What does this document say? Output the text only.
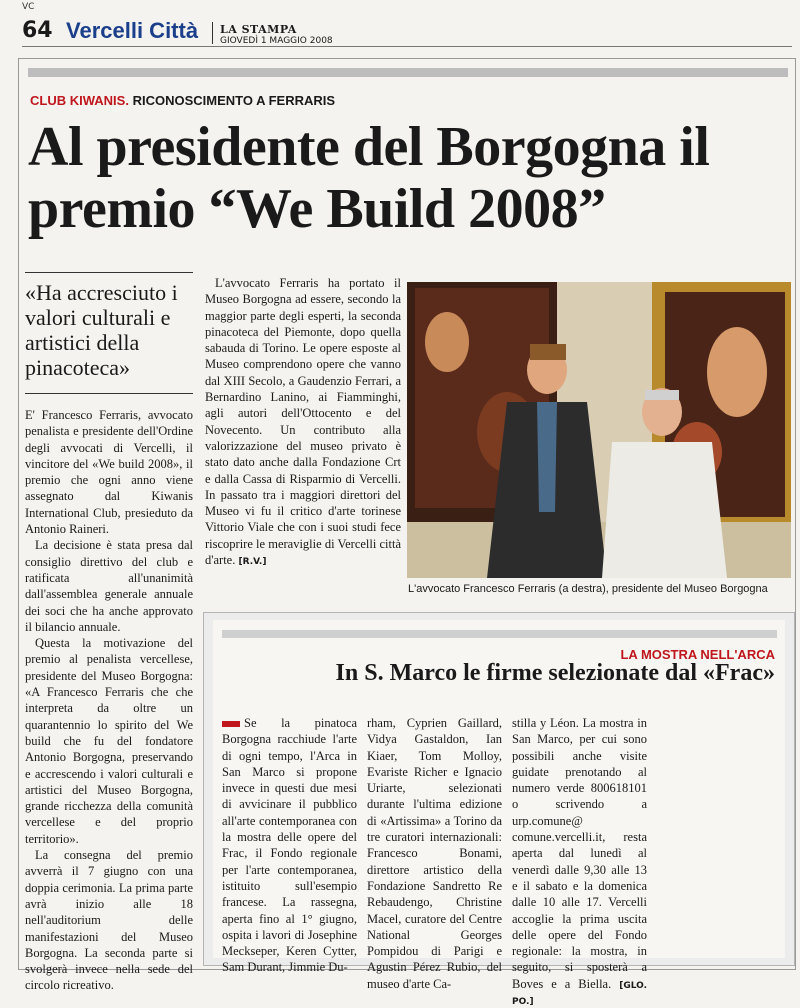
VC
64 Vercelli Città LA STAMPA
GIOVEDÌ 1 MAGGIO 2008
CLUB KIWANIS. RICONOSCIMENTO A FERRARIS
Al presidente del Borgogna il premio “We Build 2008”
«Ha accresciuto i valori culturali e artistici della pinacoteca»

E' Francesco Ferraris, avvocato penalista e presidente dell'Ordine degli avvocati di Vercelli, il vincitore del «We build 2008», il premio che ogni anno viene assegnato dal Kiwanis International Club, presieduto da Antonio Raineri.

La decisione è stata presa dal consiglio direttivo del club e ratificata all'unanimità dall'assemblea generale annuale dei soci che ha anche approvato il bilancio annuale.

Questa la motivazione del premio al penalista vercellese, presidente del Museo Borgogna: «A Francesco Ferraris che che interpreta da oltre un quarantennio lo spirito del We build che fu del fondatore Antonio Borgogna, preservando e accrescendo i valori culturali e artistici del Museo Borgogna, grande ricchezza della comunità vercellese e del proprio territorio».

La consegna del premio avverrà il 7 giugno con una doppia cerimonia. La prima parte avrà inizio alle 18 nell'auditorium delle manifestazioni del Museo Borgogna. La seconda parte si svolgerà invece nella sede del circolo ricreativo.

L'avvocato Ferraris ha portato il Museo Borgogna ad essere, secondo la maggior parte degli esperti, la seconda pinacoteca del Piemonte, dopo quella sabauda di Torino. Le opere esposte al Museo comprendono opere che vanno dal XIII Secolo, a Gaudenzio Ferrari, a Bernardino Lanino, ai Fiamminghi, agli autori dell'Ottocento e del Novecento. Un contributo alla valorizzazione del museo privato è stato dato anche dalla Fondazione Crt e dalla Cassa di Risparmio di Vercelli. In passato tra i maggiori direttori del Museo vi fu il critico d'arte torinese Vittorio Viale che con i suoi studi fece riscoprire le meraviglie di Vercelli città d'arte. [R.V.]

L'avvocato Francesco Ferraris (a destra), presidente del Museo Borgogna
LA MOSTRA NELL'ARCA
In S. Marco le firme selezionate dal «Frac»

Se la pinatoca Borgogna racchiude l'arte di ogni tempo, l'Arca in San Marco si propone invece in questi due mesi di avvicinare il pubblico all'arte contemporanea con la mostra delle opere del Frac, il Fondo regionale per l'arte contemporanea, istituito sull'esempio francese. La rassegna, aperta fino al 1° giugno, ospita i lavori di Josephine Meckseper, Keren Cytter, Sam Durant, Jimmie Du-

rham, Cyprien Gaillard, Vidya Gastaldon, Ian Kiaer, Tom Molloy, Evariste Richer e Ignacio Uriarte, selezionati durante l'ultima edizione di «Artissima» a Torino da tre curatori internazionali: Francesco Bonami, direttore artistico della Fondazione Sandretto Re Rebaudengo, Christine Macel, curatore del Centre National Georges Pompidou di Parigi e Agustin Pérez Rubio, del museo d'arte Ca-

stilla y Léon. La mostra in San Marco, per cui sono possibili anche visite guidate prenotando al numero verde 800618101 o scrivendo a urp.comune@ comune.vercelli.it, resta aperta dal lunedì al venerdì dalle 9,30 alle 13 e il sabato e la domenica dalle 10 alle 17. Vercelli accoglie la prima uscita delle opere del Fondo regionale: la mostra, in seguito, si sposterà a Boves e a Biella. [GLO. PO.]
